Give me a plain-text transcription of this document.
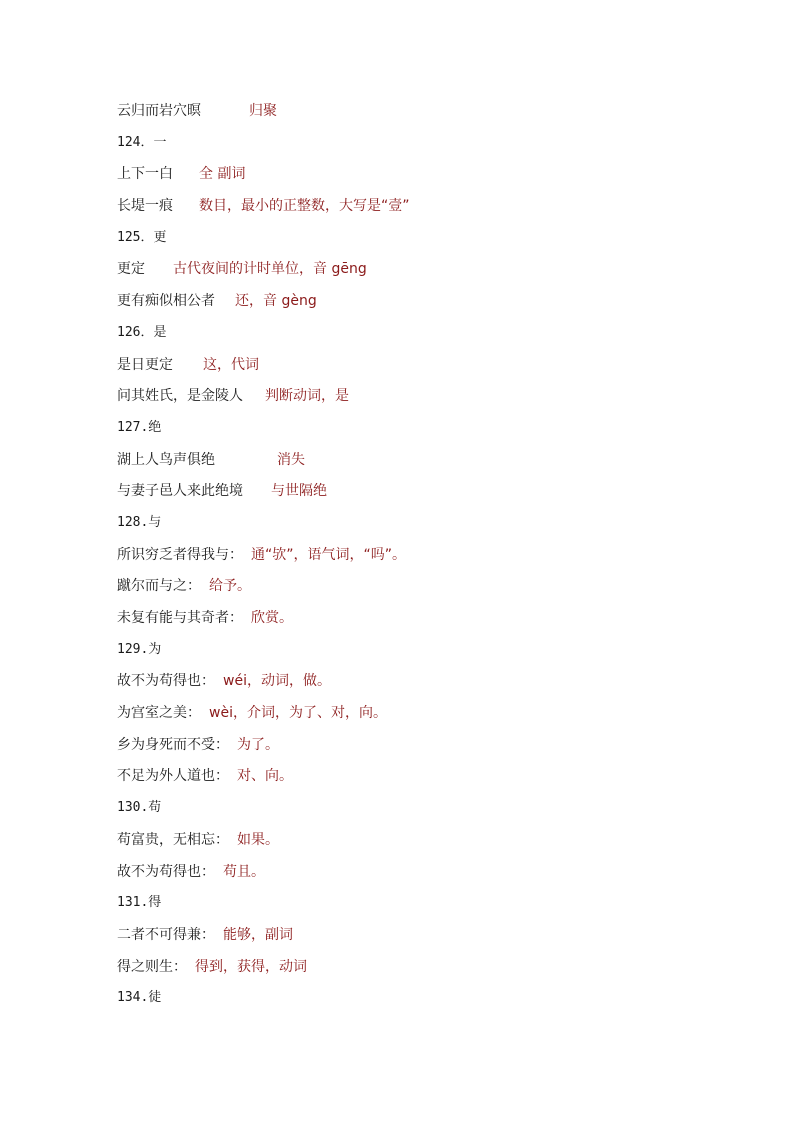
云归而岩穴暝	归聚
124．一
上下一白 全 副词
长堤一痕 数目，最小的正整数，大写是“壹”
125．更
更定 古代夜间的计时单位，音 gēng
更有痴似相公者 还，音 gèng
126．是
是日更定 这，代词
问其姓氏，是金陵人 判断动词，是
127.绝
湖上人鸟声俱绝	消失
与妻子邑人来此绝境 与世隔绝
128.与
所识穷乏者得我与： 通“欤”，语气词，“吗”。
蹴尔而与之： 给予。
未复有能与其奇者： 欣赏。
129.为
故不为苟得也： wéi，动词，做。
为宫室之美： wèi，介词，为了、对，向。
乡为身死而不受： 为了。
不足为外人道也： 对、向。
130.苟
苟富贵，无相忘： 如果。
故不为苟得也： 苟且。
131.得
二者不可得兼： 能够，副词
得之则生： 得到，获得，动词
134.徒
